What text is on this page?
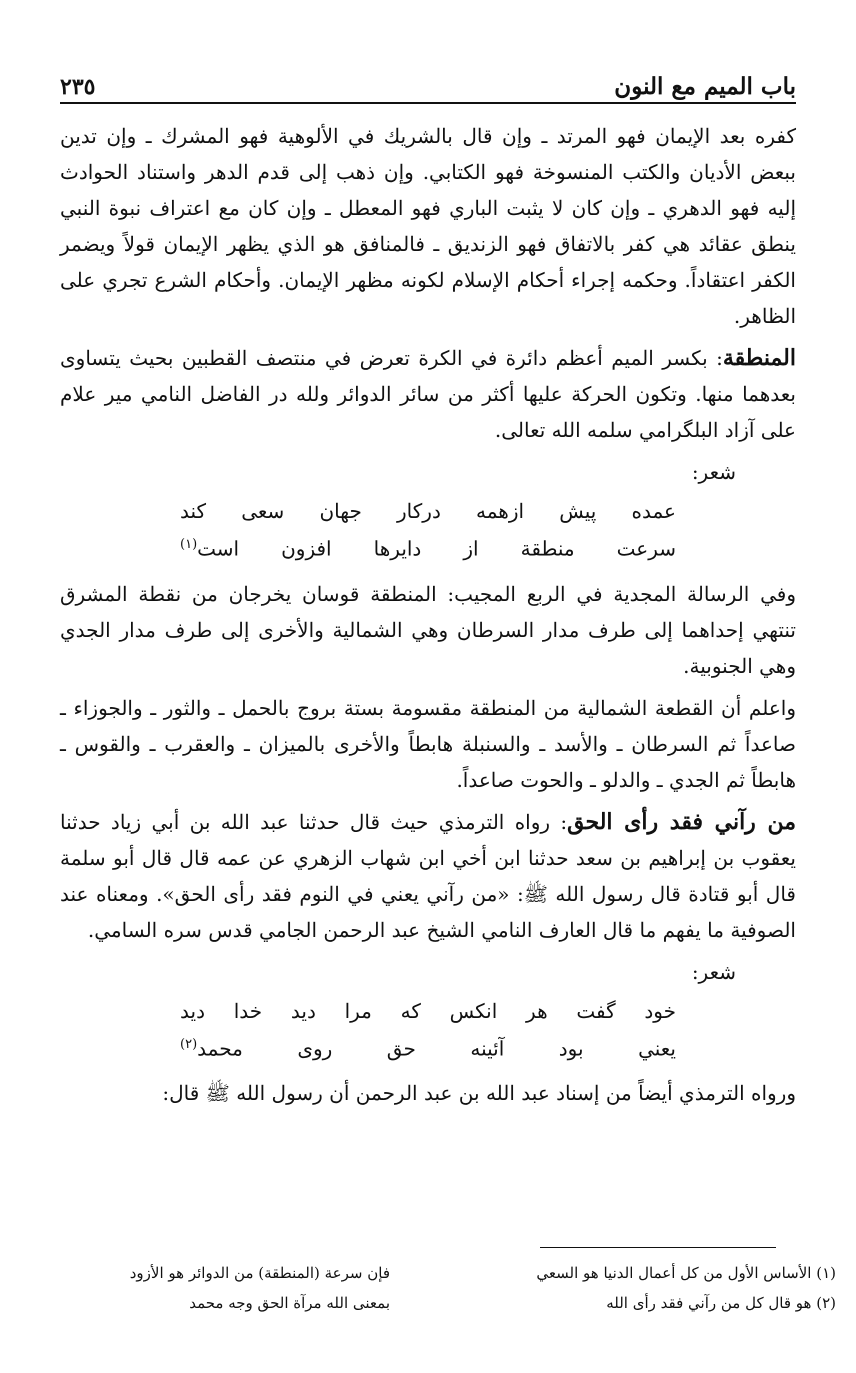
باب الميم مع النون
٢٣٥

كفره بعد الإيمان فهو المرتد ـ وإن قال بالشريك في الألوهية فهو المشرك ـ وإن تدين ببعض الأديان والكتب المنسوخة فهو الكتابي. وإن ذهب إلى قدم الدهر واستناد الحوادث إليه فهو الدهري ـ وإن كان لا يثبت الباري فهو المعطل ـ وإن كان مع اعتراف نبوة النبي ينطق عقائد هي كفر بالاتفاق فهو الزنديق ـ فالمنافق هو الذي يظهر الإيمان قولاً ويضمر الكفر اعتقاداً. وحكمه إجراء أحكام الإسلام لكونه مظهر الإيمان. وأحكام الشرع تجري على الظاهر.

المنطقة: بكسر الميم أعظم دائرة في الكرة تعرض في منتصف القطبين بحيث يتساوى بعدهما منها. وتكون الحركة عليها أكثر من سائر الدوائر ولله در الفاضل النامي مير علام على آزاد البلگرامي سلمه الله تعالى.

شعر:
عمده پيش ازهمه دركار جهان سعى كند
سرعت منطقة از دايرها افزون است$^{(١)}$

وفي الرسالة المجدية في الربع المجيب: المنطقة قوسان يخرجان من نقطة المشرق تنتهي إحداهما إلى طرف مدار السرطان وهي الشمالية والأخرى إلى طرف مدار الجدي وهي الجنوبية.

واعلم أن القطعة الشمالية من المنطقة مقسومة بستة بروج بالحمل ـ والثور ـ والجوزاء ـ صاعداً ثم السرطان ـ والأسد ـ والسنبلة هابطاً والأخرى بالميزان ـ والعقرب ـ والقوس ـ هابطاً ثم الجدي ـ والدلو ـ والحوت صاعداً.

من رآني فقد رأى الحق: رواه الترمذي حيث قال حدثنا عبد الله بن أبي زياد حدثنا يعقوب بن إبراهيم بن سعد حدثنا ابن أخي ابن شهاب الزهري عن عمه قال قال أبو سلمة قال أبو قتادة قال رسول الله ﷺ: «من رآني يعني في النوم فقد رأى الحق». ومعناه عند الصوفية ما يفهم ما قال العارف النامي الشيخ عبد الرحمن الجامي قدس سره السامي.

شعر:
خود گفت هر انكس كه مرا ديد خدا ديد
يعني بود آئينه حق روى محمد$^{(٢)}$

ورواه الترمذي أيضاً من إسناد عبد الله بن عبد الرحمن أن رسول الله ﷺ قال:

(١) الأساس الأول من كل أعمال الدنيا هو السعي
فإن سرعة (المنطقة) من الدوائر هو الأزود
(٢) هو قال كل من رآني فقد رأى الله
بمعنى الله مرآة الحق وجه محمد
